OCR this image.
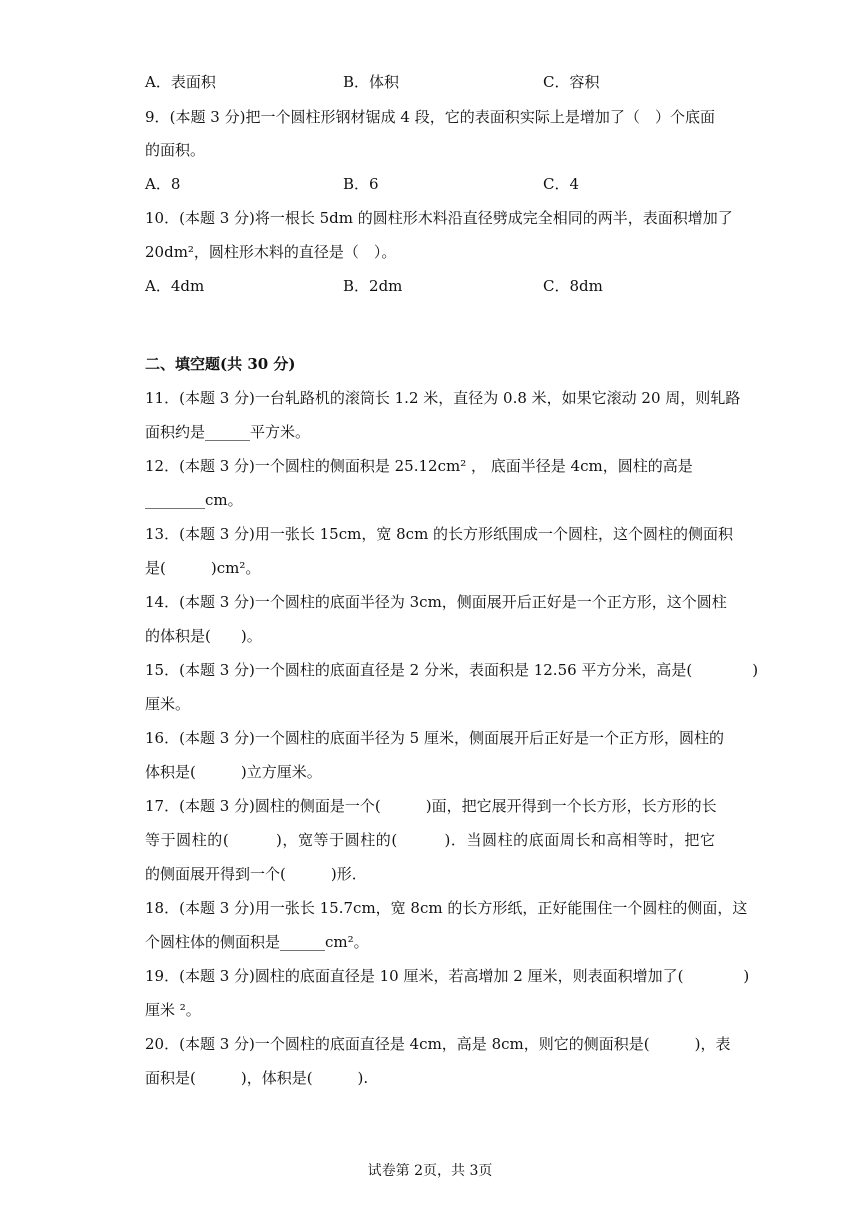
A．表面积	B．体积	C．容积
9．(本题 3 分)把一个圆柱形钢材锯成 4 段，它的表面积实际上是增加了（　）个底面
的面积。
A．8	B．6	C．4
10．(本题 3 分)将一根长 5dm 的圆柱形木料沿直径劈成完全相同的两半，表面积增加了
20dm²，圆柱形木料的直径是（　）。
A．4dm	B．2dm	C．8dm
二、填空题(共 30 分)
11．(本题 3 分)一台轧路机的滚筒长 1.2 米，直径为 0.8 米，如果它滚动 20 周，则轧路
面积约是______平方米。
12．(本题 3 分)一个圆柱的侧面积是 25.12cm² ， 底面半径是 4cm，圆柱的高是
________cm。
13．(本题 3 分)用一张长 15cm，宽 8cm 的长方形纸围成一个圆柱，这个圆柱的侧面积
是(　　　)cm²。
14．(本题 3 分)一个圆柱的底面半径为 3cm，侧面展开后正好是一个正方形，这个圆柱
的体积是(　　)。
15．(本题 3 分)一个圆柱的底面直径是 2 分米，表面积是 12.56 平方分米，高是(　　　　)
厘米。
16．(本题 3 分)一个圆柱的底面半径为 5 厘米，侧面展开后正好是一个正方形，圆柱的
体积是(　　　)立方厘米。
17．(本题 3 分)圆柱的侧面是一个(　　　)面，把它展开得到一个长方形，长方形的长
等于圆柱的(　　　)，宽等于圆柱的(　　　)．当圆柱的底面周长和高相等时，把它
的侧面展开得到一个(　　　)形．
18．(本题 3 分)用一张长 15.7cm，宽 8cm 的长方形纸，正好能围住一个圆柱的侧面，这
个圆柱体的侧面积是______cm²。
19．(本题 3 分)圆柱的底面直径是 10 厘米，若高增加 2 厘米，则表面积增加了(　　　　)
厘米 ²。
20．(本题 3 分)一个圆柱的底面直径是 4cm，高是 8cm，则它的侧面积是(　　　)，表
面积是(　　　)，体积是(　　　).
试卷第 2页，共 3页
